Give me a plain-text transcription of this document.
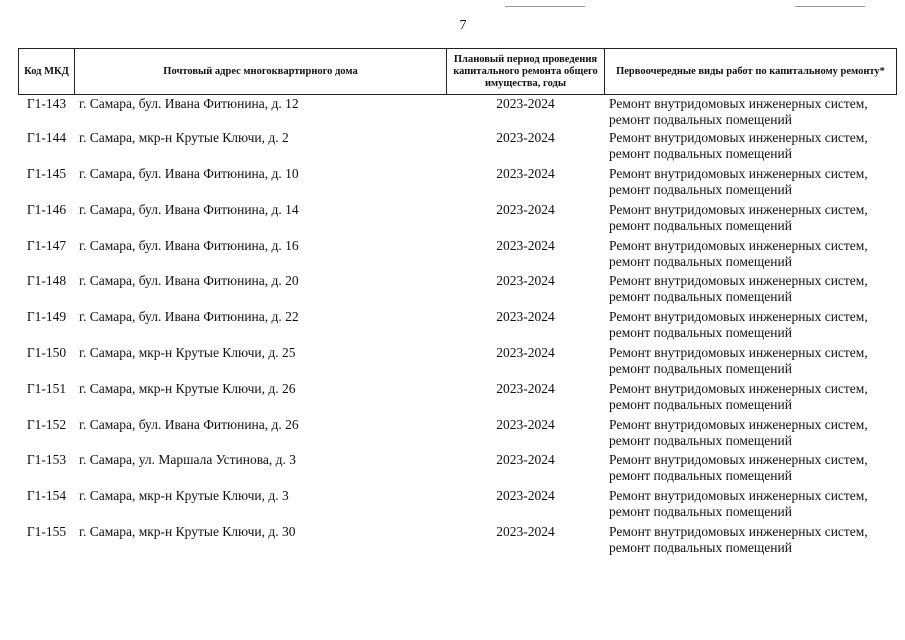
7
Код МКД	Почтовый адрес многоквартирного дома	Плановый период проведения капитального ремонта общего имущества, годы	Первоочередные виды работ по капитальному ремонту*
Г1-143	г. Самара, бул. Ивана Фитюнина, д. 12	2023-2024	Ремонт внутридомовых инженерных систем,
ремонт подвальных помещений

Г1-144	г. Самара, мкр-н Крутые Ключи, д. 2	2023-2024	Ремонт внутридомовых инженерных систем,
ремонт подвальных помещений

Г1-145	г. Самара, бул. Ивана Фитюнина, д. 10	2023-2024	Ремонт внутридомовых инженерных систем,
ремонт подвальных помещений

Г1-146	г. Самара, бул. Ивана Фитюнина, д. 14	2023-2024	Ремонт внутридомовых инженерных систем,
ремонт подвальных помещений

Г1-147	г. Самара, бул. Ивана Фитюнина, д. 16	2023-2024	Ремонт внутридомовых инженерных систем,
ремонт подвальных помещений

Г1-148	г. Самара, бул. Ивана Фитюнина, д. 20	2023-2024	Ремонт внутридомовых инженерных систем,
ремонт подвальных помещений

Г1-149	г. Самара, бул. Ивана Фитюнина, д. 22	2023-2024	Ремонт внутридомовых инженерных систем,
ремонт подвальных помещений

Г1-150	г. Самара, мкр-н Крутые Ключи, д. 25	2023-2024	Ремонт внутридомовых инженерных систем,
ремонт подвальных помещений

Г1-151	г. Самара, мкр-н Крутые Ключи, д. 26	2023-2024	Ремонт внутридомовых инженерных систем,
ремонт подвальных помещений

Г1-152	г. Самара, бул. Ивана Фитюнина, д. 26	2023-2024	Ремонт внутридомовых инженерных систем,
ремонт подвальных помещений

Г1-153	г. Самара, ул. Маршала Устинова, д. 3	2023-2024	Ремонт внутридомовых инженерных систем,
ремонт подвальных помещений

Г1-154	г. Самара, мкр-н Крутые Ключи, д. 3	2023-2024	Ремонт внутридомовых инженерных систем,
ремонт подвальных помещений

Г1-155	г. Самара, мкр-н Крутые Ключи, д. 30	2023-2024	Ремонт внутридомовых инженерных систем,
ремонт подвальных помещений
